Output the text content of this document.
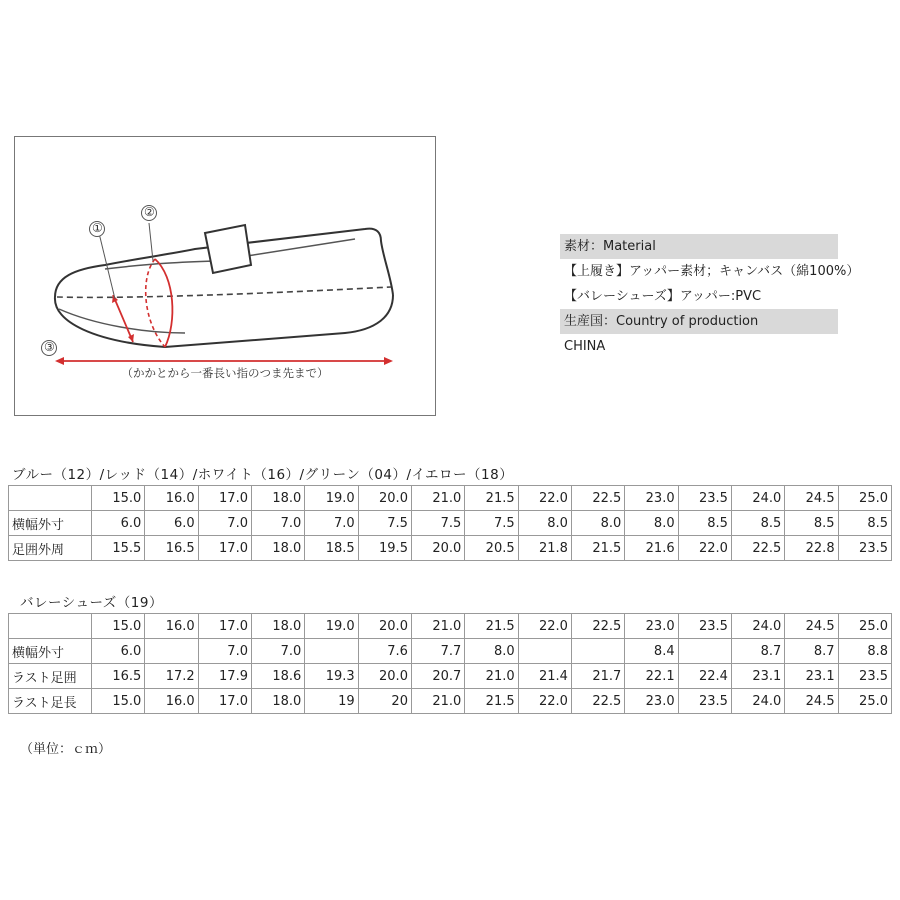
①
②
③
（かかとから一番長い指のつま先まで）
素材：Material
【上履き】アッパー素材；キャンバス（綿100%）
【バレーシューズ】アッパー:PVC
生産国：Country of production
CHINA
ブルー（12）/レッド（14）/ホワイト（16）/グリーン（04）/イエロー（18）
	15.0	16.0	17.0	18.0	19.0	20.0	21.0	21.5	22.0	22.5	23.0	23.5	24.0	24.5	25.0
横幅外寸	6.0	6.0	7.0	7.0	7.0	7.5	7.5	7.5	8.0	8.0	8.0	8.5	8.5	8.5	8.5
足囲外周	15.5	16.5	17.0	18.0	18.5	19.5	20.0	20.5	21.8	21.5	21.6	22.0	22.5	22.8	23.5
バレーシューズ（19）
	15.0	16.0	17.0	18.0	19.0	20.0	21.0	21.5	22.0	22.5	23.0	23.5	24.0	24.5	25.0
横幅外寸	6.0		7.0	7.0		7.6	7.7	8.0			8.4		8.7	8.7	8.8
ラスト足囲	16.5	17.2	17.9	18.6	19.3	20.0	20.7	21.0	21.4	21.7	22.1	22.4	23.1	23.1	23.5
ラスト足長	15.0	16.0	17.0	18.0	19	20	21.0	21.5	22.0	22.5	23.0	23.5	24.0	24.5	25.0
（単位：ｃｍ）
